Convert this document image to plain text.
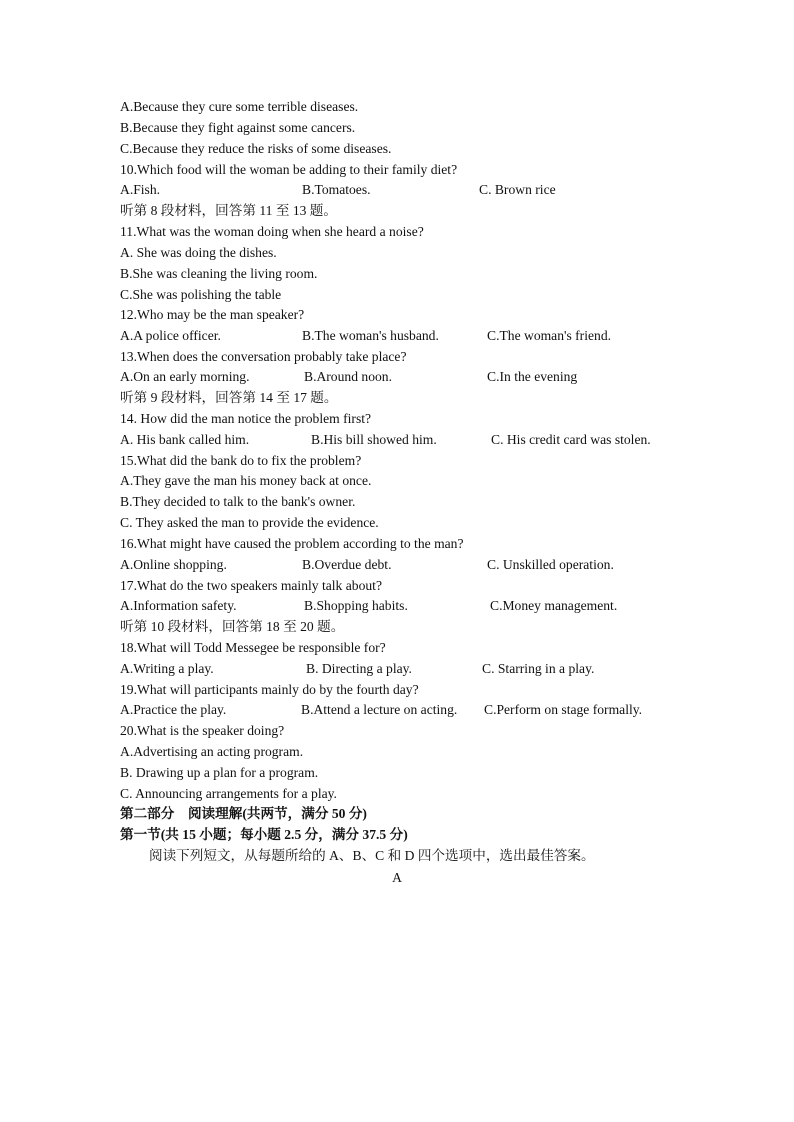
A.Because they cure some terrible diseases.
B.Because they fight against some cancers.
C.Because they reduce the risks of some diseases.
10.Which food will the woman be adding to their family diet?
A.Fish.	B.Tomatoes.	C. Brown rice
听第 8 段材料，回答第 11 至 13 题。
11.What was the woman doing when she heard a noise?
A. She was doing the dishes.
B.She was cleaning the living room.
C.She was polishing the table
12.Who may be the man speaker?
A.A police officer.	B.The woman's husband.	C.The woman's friend.
13.When does the conversation probably take place?
A.On an early morning.	B.Around noon.	C.In the evening
听第 9 段材料，回答第 14 至 17 题。
14. How did the man notice the problem first?
A. His bank called him.	B.His bill showed him.	C. His credit card was stolen.
15.What did the bank do to fix the problem?
A.They gave the man his money back at once.
B.They decided to talk to the bank's owner.
C. They asked the man to provide the evidence.
16.What might have caused the problem according to the man?
A.Online shopping.	B.Overdue debt.	C. Unskilled operation.
17.What do the two speakers mainly talk about?
A.Information safety.	B.Shopping habits.	C.Money management.
听第 10 段材料，回答第 18 至 20 题。
18.What will Todd Messegee be responsible for?
A.Writing a play.	B. Directing a play.	C. Starring in a play.
19.What will participants mainly do by the fourth day?
A.Practice the play.	B.Attend a lecture on acting. C.Perform on stage formally.
20.What is the speaker doing?
A.Advertising an acting program.
B. Drawing up a plan for a program.
C. Announcing arrangements for a play.
第二部分    阅读理解(共两节，满分 50 分)
第一节(共 15 小题；每小题 2.5 分，满分 37.5 分)
阅读下列短文，从每题所给的 A、B、C 和 D 四个选项中，选出最佳答案。
A
